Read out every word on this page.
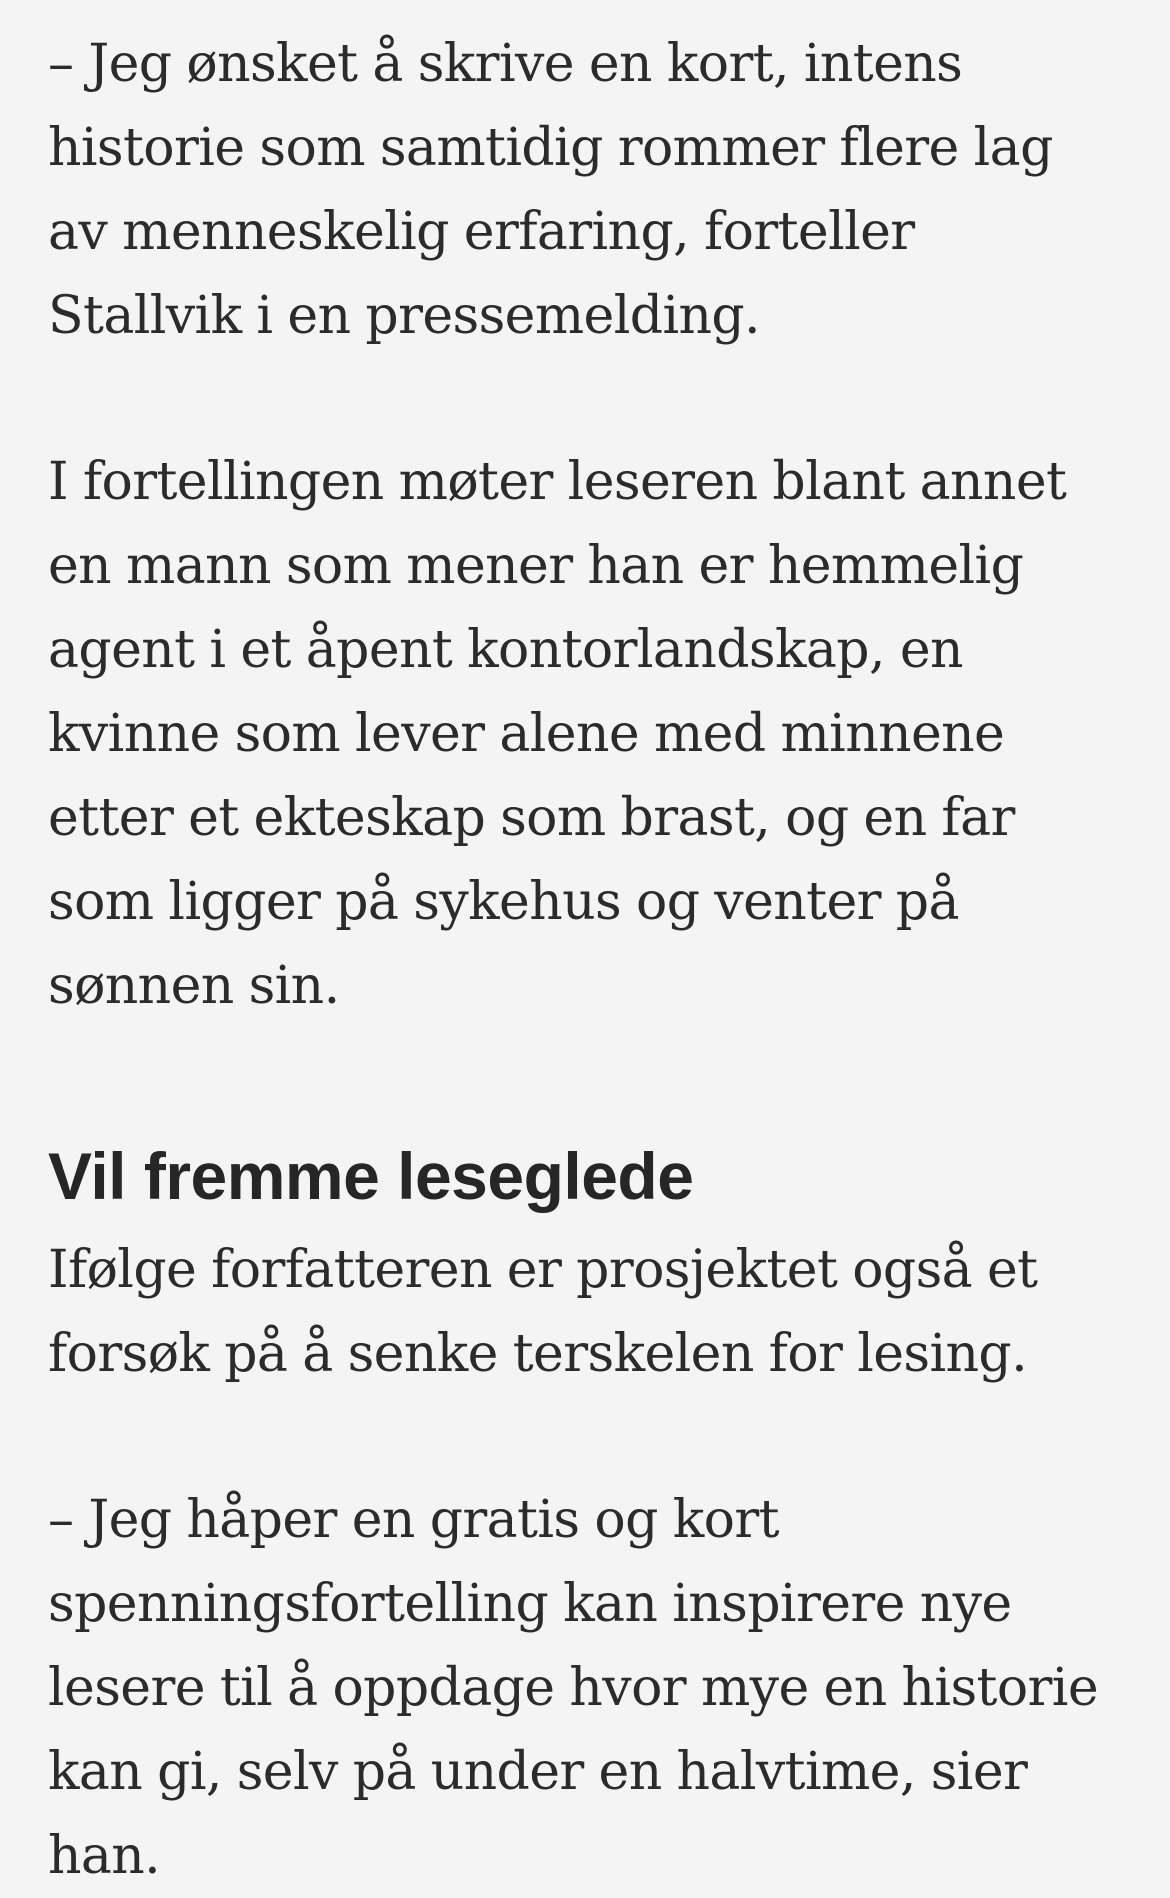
– Jeg ønsket å skrive en kort, intens historie som samtidig rommer flere lag av menneskelig erfaring, forteller Stallvik i en pressemelding.

I fortellingen møter leseren blant annet en mann som mener han er hemmelig agent i et åpent kontorlandskap, en kvinne som lever alene med minnene etter et ekteskap som brast, og en far som ligger på sykehus og venter på sønnen sin.

Vil fremme leseglede

Ifølge forfatteren er prosjektet også et forsøk på å senke terskelen for lesing.

– Jeg håper en gratis og kort spenningsfortelling kan inspirere nye lesere til å oppdage hvor mye en historie kan gi, selv på under en halvtime, sier han.
